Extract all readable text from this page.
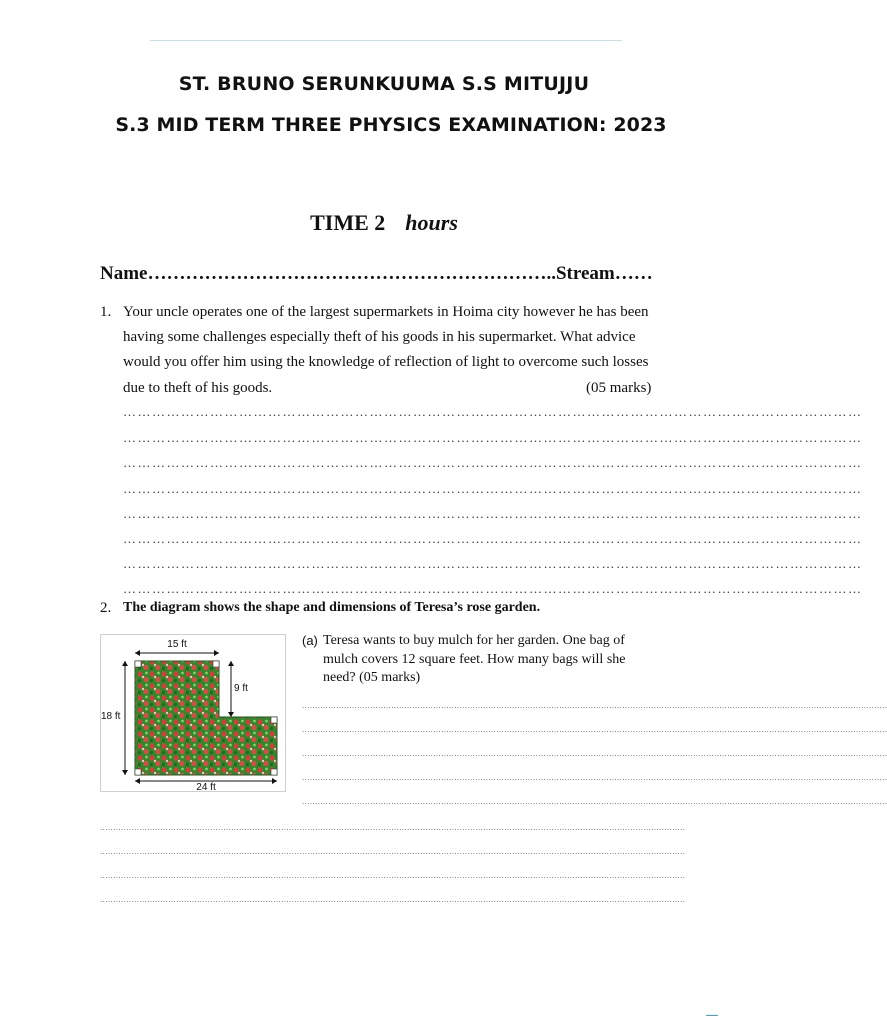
ST. BRUNO SERUNKUUMA S.S MITUJJU
S.3 MID TERM THREE PHYSICS EXAMINATION: 2023
TIME 2 hours
Name………………………………………………………..Stream……
1. Your uncle operates one of the largest supermarkets in Hoima city however he has been
having some challenges especially theft of his goods in his supermarket. What advice
would you offer him using the knowledge of reflection of light to overcome such losses
due to theft of his goods.	(05 marks)
………………………………………………………………………………………………………………………………………
………………………………………………………………………………………………………………………………………
………………………………………………………………………………………………………………………………………
………………………………………………………………………………………………………………………………………
………………………………………………………………………………………………………………………………………
………………………………………………………………………………………………………………………………………
………………………………………………………………………………………………………………………………………
………………………………………………………………………………………………………………………………………
2. The diagram shows the shape and dimensions of Teresa’s rose garden.
15 ft
9 ft
18 ft
24 ft
(a) Teresa wants to buy mulch for her garden. One bag of
mulch covers 12 square feet. How many bags will she
need? (05 marks)
...............................................................................................................................................................................................................................
...............................................................................................................................................................................................................................
...............................................................................................................................................................................................................................
...............................................................................................................................................................................................................................
...............................................................................................................................................................................................................................
...............................................................................................................................................................................................................................
...............................................................................................................................................................................................................................
...............................................................................................................................................................................................................................
...............................................................................................................................................................................................................................
